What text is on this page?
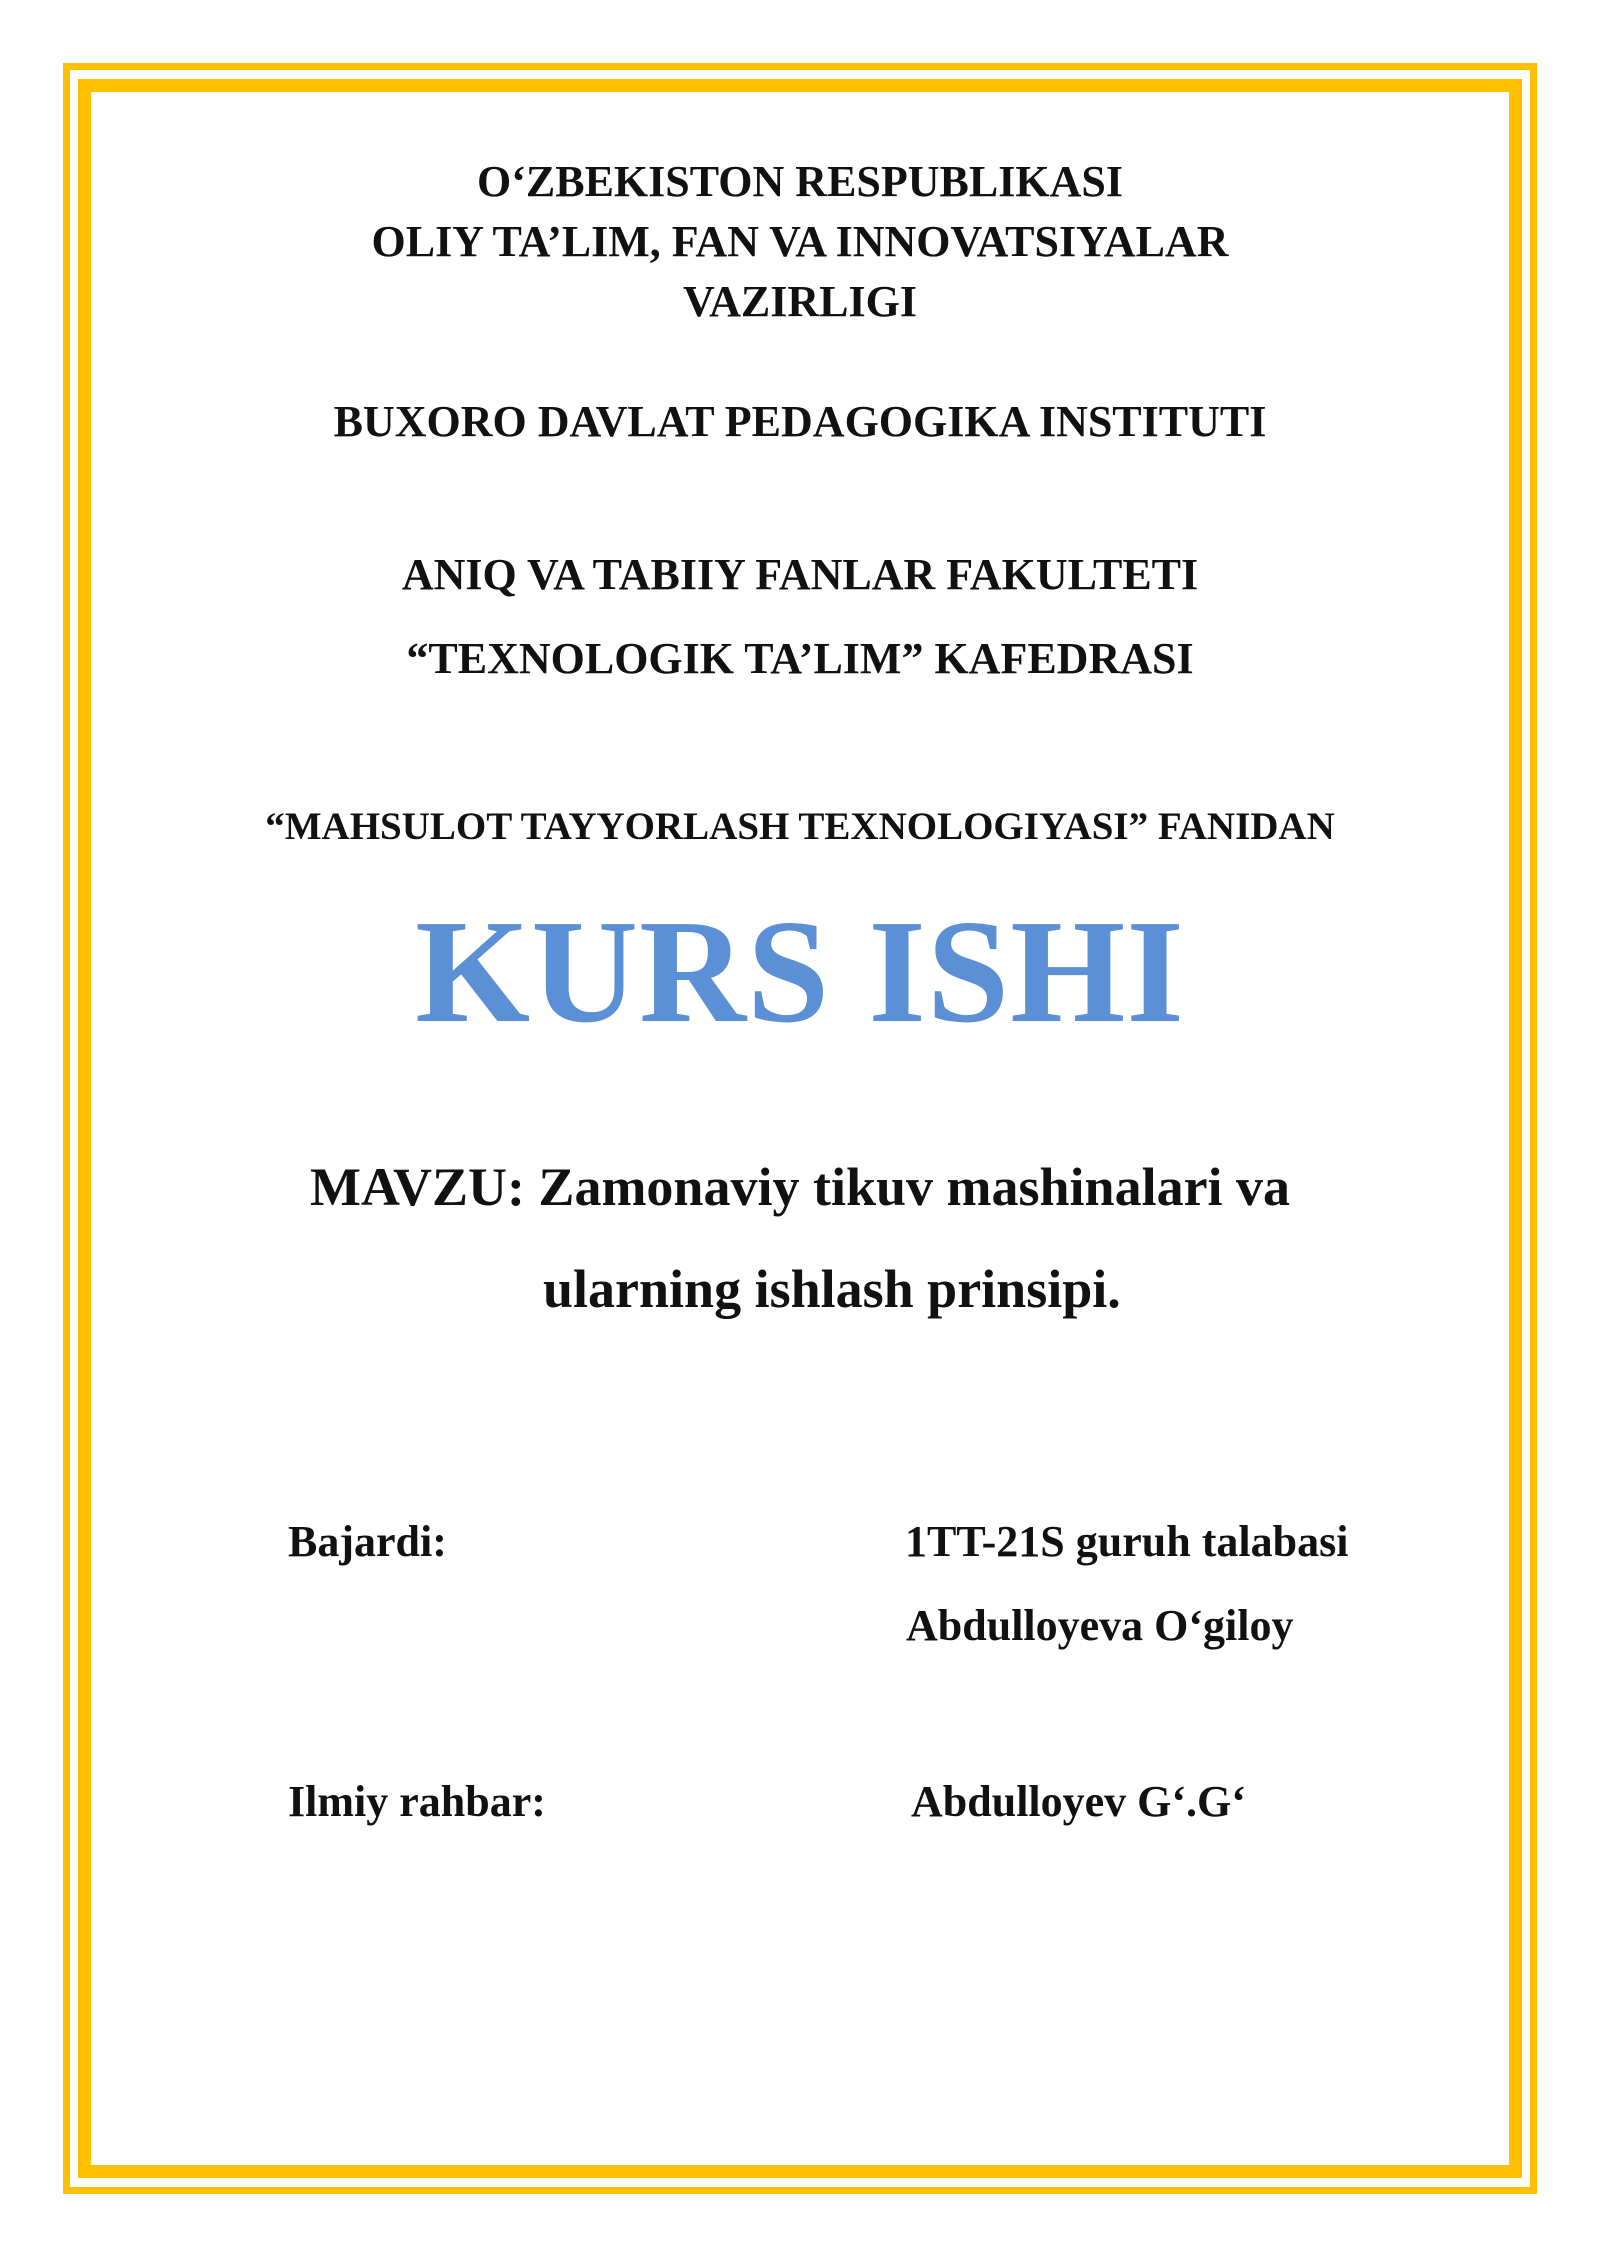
O‘ZBEKISTON RESPUBLIKASI
OLIY TA’LIM, FAN VA INNOVATSIYALAR
VAZIRLIGI
BUXORO DAVLAT PEDAGOGIKA INSTITUTI
ANIQ VA TABIIY FANLAR FAKULTETI
“TEXNOLOGIK TA’LIM” KAFEDRASI
“MAHSULOT TAYYORLASH TEXNOLOGIYASI” FANIDAN
KURS ISHI
MAVZU: Zamonaviy tikuv mashinalari va
ularning ishlash prinsipi.
Bajardi:	1TT-21S guruh talabasi
Abdulloyeva O‘giloy
Ilmiy rahbar:	Abdulloyev G‘.G‘
